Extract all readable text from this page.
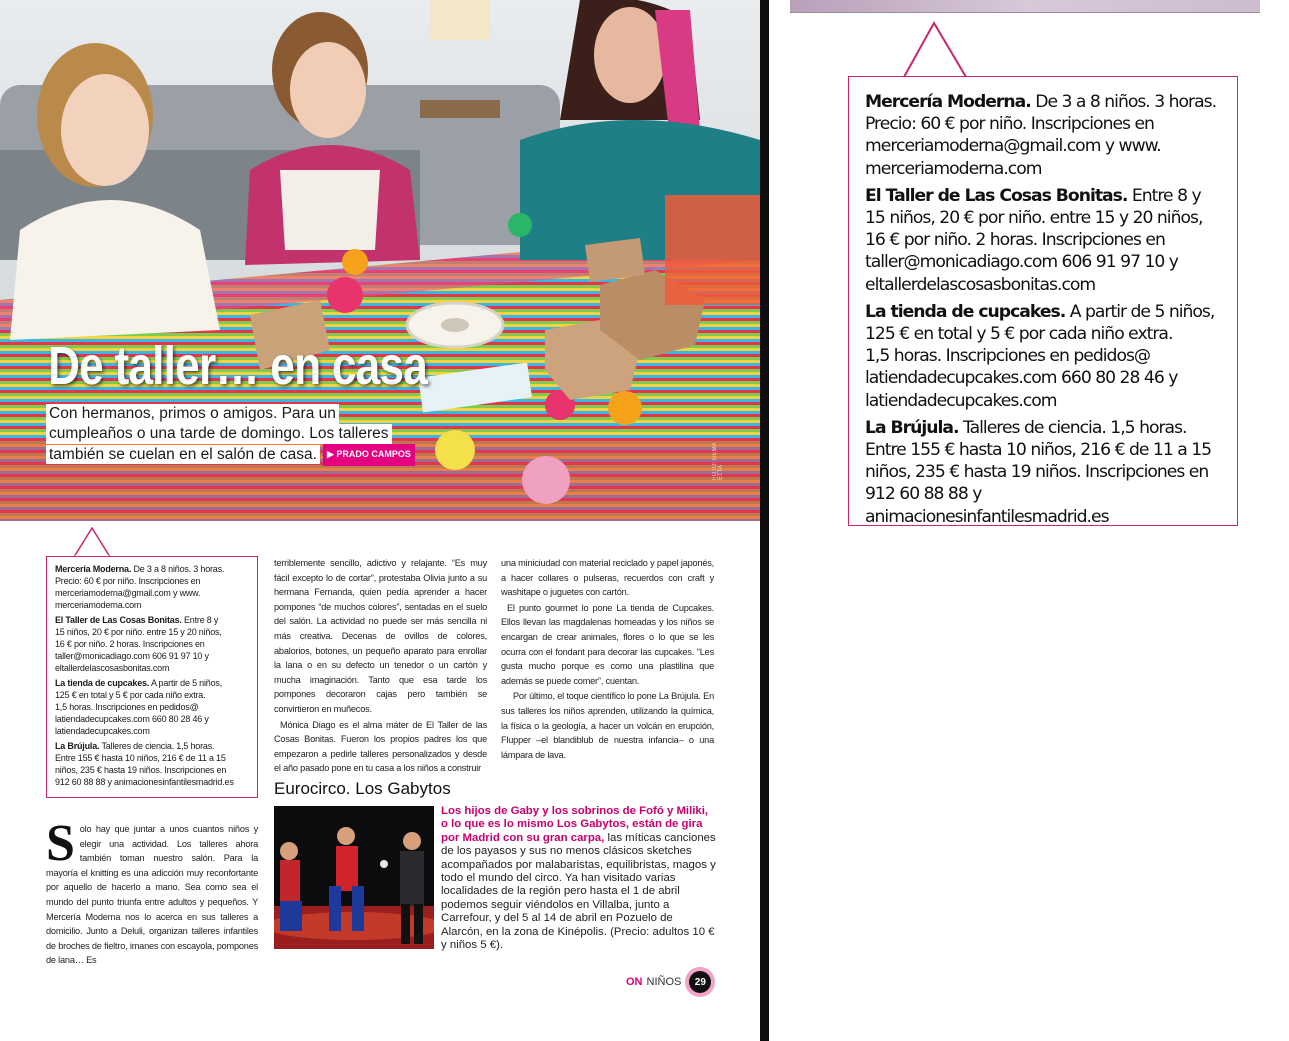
De taller… en casa
Con hermanos, primos o amigos. Para un
cumpleaños o una tarde de domingo. Los talleres
también se cuelan en el salón de casa. ▶ PRADO CAMPOS	FOTO: GEMA ETTA
Mercería Moderna. De 3 a 8 niños. 3 horas.
Precio: 60 € por niño. Inscripciones en
merceriamoderna@gmail.com y www.
merceriamoderna.com
El Taller de Las Cosas Bonitas. Entre 8 y
15 niños, 20 € por niño. entre 15 y 20 niños,
16 € por niño. 2 horas. Inscripciones en
taller@monicadiago.com 606 91 97 10 y
eltallerdelascosasbonitas.com
La tienda de cupcakes. A partir de 5 niños,
125 € en total y 5 € por cada niño extra.
1,5 horas. Inscripciones en pedidos@
latiendadecupcakes.com 660 80 28 46 y
latiendadecupcakes.com
La Brújula. Talleres de ciencia. 1,5 horas.
Entre 155 € hasta 10 niños, 216 € de 11 a 15
niños, 235 € hasta 19 niños. Inscripciones en
912 60 88 88 y animacionesinfantilesmadrid.es
Solo hay que juntar a unos cuantos niños y elegir una actividad. Los talleres ahora también toman nuestro salón. Para la mayoría el knitting es una adicción muy reconfortante por aquello de hacerlo a mano. Sea como sea el mundo del punto triunfa entre adultos y pequeños. Y Mercería Moderna nos lo acerca en sus talleres a domicilio. Junto a Deluli, organizan talleres infantiles de broches de fieltro, imanes con escayola, pompones de lana… Es

terriblemente sencillo, adictivo y relajante. “Es muy fácil excepto lo de cortar”, protestaba Olivia junto a su hermana Fernanda, quien pedía aprender a hacer pompones “de muchos colores”, sentadas en el suelo del salón. La actividad no puede ser más sencilla ni más creativa. Decenas de ovillos de colores, abalorios, botones, un pequeño aparato para enrollar la lana o en su defecto un tenedor o un cartón y mucha imaginación. Tanto que esa tarde los pompones decoraron cajas pero también se convirtieron en muñecos.

Mónica Diago es el alma máter de El Taller de las Cosas Bonitas. Fueron los propios padres los que empezaron a pedirle talleres personalizados y desde el año pasado pone en tu casa a los niños a construir

una miniciudad con material reciclado y papel japonés, a hacer collares o pulseras, recuerdos con craft y washitape o juguetes con cartón.

El punto gourmet lo pone La tienda de Cupcakes. Ellos llevan las magdalenas horneadas y los niños se encargan de crear animales, flores o lo que se les ocurra con el fondant para decorar las cupcakes. “Les gusta mucho porque es como una plastilina que además se puede comer”, cuentan.

Por último, el toque científico lo pone La Brújula. En sus talleres los niños aprenden, utilizando la química, la física o la geología, a hacer un volcán en erupción, Flupper –el blandiblub de nuestra infancia– o una lámpara de lava.

Eurocirco. Los Gabytos
Los hijos de Gaby y los sobrinos de Fofó y Miliki, o lo que es lo mismo Los Gabytos, están de gira por Madrid con su gran carpa, las míticas canciones de los payasos y sus no menos clásicos sketches acompañados por malabaristas, equilibristas, magos y todo el mundo del circo. Ya han visitado varias localidades de la región pero hasta el 1 de abril podemos seguir viéndolos en Villalba, junto a Carrefour, y del 5 al 14 de abril en Pozuelo de Alarcón, en la zona de Kinépolis. (Precio: adultos 10 € y niños 5 €).
ON NIÑOS	29
Mercería Moderna. De 3 a 8 niños. 3 horas.
Precio: 60 € por niño. Inscripciones en
merceriamoderna@gmail.com y www.
merceriamoderna.com
El Taller de Las Cosas Bonitas. Entre 8 y
15 niños, 20 € por niño. entre 15 y 20 niños,
16 € por niño. 2 horas. Inscripciones en
taller@monicadiago.com 606 91 97 10 y
eltallerdelascosasbonitas.com
La tienda de cupcakes. A partir de 5 niños,
125 € en total y 5 € por cada niño extra.
1,5 horas. Inscripciones en pedidos@
latiendadecupcakes.com 660 80 28 46 y
latiendadecupcakes.com
La Brújula. Talleres de ciencia. 1,5 horas.
Entre 155 € hasta 10 niños, 216 € de 11 a 15
niños, 235 € hasta 19 niños. Inscripciones en
912 60 88 88 y animacionesinfantilesmadrid.es
